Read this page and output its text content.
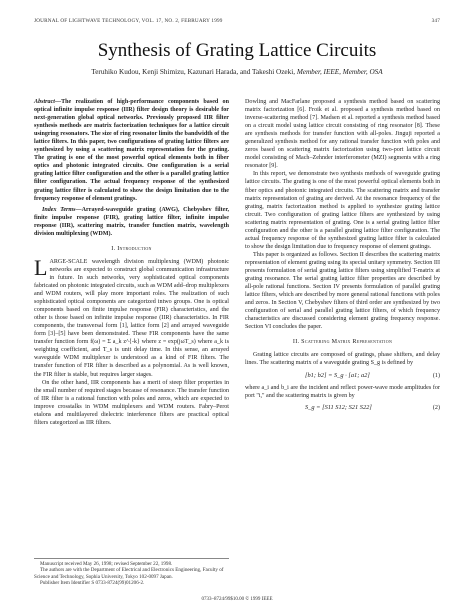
JOURNAL OF LIGHTWAVE TECHNOLOGY, VOL. 17, NO. 2, FEBRUARY 1999	347
Synthesis of Grating Lattice Circuits
Teruhiko Kudou, Kenji Shimizu, Kazunari Harada, and Takeshi Ozeki, Member, IEEE, Member, OSA

Abstract—The realization of high-performance components based on optical infinite impulse response (IIR) filter design theory is desirable for next-generation global optical networks. Previously proposed IIR filter synthesis methods are matrix factorization techniques for a lattice circuit usingring resonators. The size of ring resonator limits the bandwidth of the lattice filters. In this paper, two configurations of grating lattice filters are synthesized by using a scattering matrix representation for the grating. The grating is one of the most powerful optical elements both in fiber optics and photonic integrated circuits. One configuration is a serial grating lattice filter configuration and the other is a parallel grating lattice filter configuration. The actual frequency response of the synthesized grating lattice filter is calculated to show the design limitation due to the frequency response of element gratings.

Index Terms—Arrayed-waveguide grating (AWG), Chebyshev filter, finite impulse response (FIR), grating lattice filter, infinite impulse response (IIR), scattering matrix, transfer function matrix, wavelength division multiplexing (WDM).

I. Introduction

LARGE-SCALE wavelength division multiplexing (WDM) photonic networks are expected to construct global communication infrastructure in future. In such networks, very sophisticated optical components fabricated on photonic integrated circuits, such as WDM add–drop multiplexers and WDM routers, will play more important roles. The realization of such sophisticated optical components are categorized intwo groups. One is optical components based on finite impulse response (FIR) characteristics, and the other is those based on infinite impulse response (IIR) characteristics. In FIR components, the transversal form [1], lattice form [2] and arrayed waveguide form [3]–[5] have been demonstrated. These FIR components have the same transfer function form f(ω) = Σ a_k z^{-k} where z = exp(jωT_s) where a_k is weighting coefficient, and T_s is unit delay time. In this sense, an arrayed waveguide WDM multiplexer is understood as a kind of FIR filters. The transfer function of FIR filter is described as a polynomial. As is well known, the FIR filter is stable, but requires larger stages.

On the other hand, IIR components has a merit of steep filter properties in the small number of required stages because of resonance. The transfer function of IIR filter is a rational function with poles and zeros, which are expected to improve crosstalks in WDM multiplexers and WDM routers. Fabry–Perot etalons and multilayered dielectric interference filters are practical optical filters categorized as IIR filters.

Manuscript received May 26, 1998; revised September 22, 1998.

The authors are with the Department of Electrical and Electronics Engineering, Faculty of Science and Technology, Sophia University, Tokyo 102-0097 Japan.

Publisher Item Identifier S 0733-8724(99)01206-2.

Dowling and MacFarlane proposed a synthesis method based on scattering matrix factorization [6]. Froik et al. proposed a synthesis method based on inverse-scattering method [7]. Madsen et al. reported a synthesis method based on a circuit model using lattice circuit consisting of ring resonator [8]. These are synthesis methods for transfer function with all-poles. Jinguji reported a generalized synthesis method for any rational transfer function with poles and zeros based on scattering matrix factorization using two-port lattice circuit model consisting of Mach–Zehnder interferometer (MZI) segments with a ring resonator [9].

In this report, we demonstrate two synthesis methods of waveguide grating lattice circuits. The grating is one of the most powerful optical elements both in fiber optics and photonic integrated circuits. The scattering matrix and transfer matrix representation of grating are derived. At the resonance frequency of the grating, matrix factorization method is applied to synthesize grating lattice circuit. Two configuration of grating lattice filters are synthesized by using scattering matrix representation of grating. One is a serial grating lattice filter configuration and the other is a parallel grating lattice filter configuration. The actual frequency response of the synthesized grating lattice filter is calculated to show the design limitation due to frequency response of element gratings.

This paper is organized as follows. Section II describes the scattering matrix representation of element grating using its special unitary symmetry. Section III presents formulation of serial grating lattice filters using simplified T-matrix at grating resonance. The serial grating lattice filter properties are described by all-pole rational functions. Section IV presents formulation of parallel grating lattice filters, which are described by more general rational functions with poles and zeros. In Section V, Chebyshev filters of third order are synthesized by two configuration of serial and parallel grating lattice filters, of which frequency characteristics are discussed considering element grating frequency response. Section VI concludes the paper.

II. Scattering Matrix Representation

Grating lattice circuits are composed of gratings, phase shifters, and delay lines. The scattering matrix of a waveguide grating S_g is defined by

[b1; b2] = S_g · [a1; a2]	(1)

where a_i and b_i are the incident and reflect power-wave mode amplitudes for port "i," and the scattering matrix is given by

S_g = [S11 S12; S21 S22]	(2)
0733–8724/99$10.00 © 1999 IEEE
